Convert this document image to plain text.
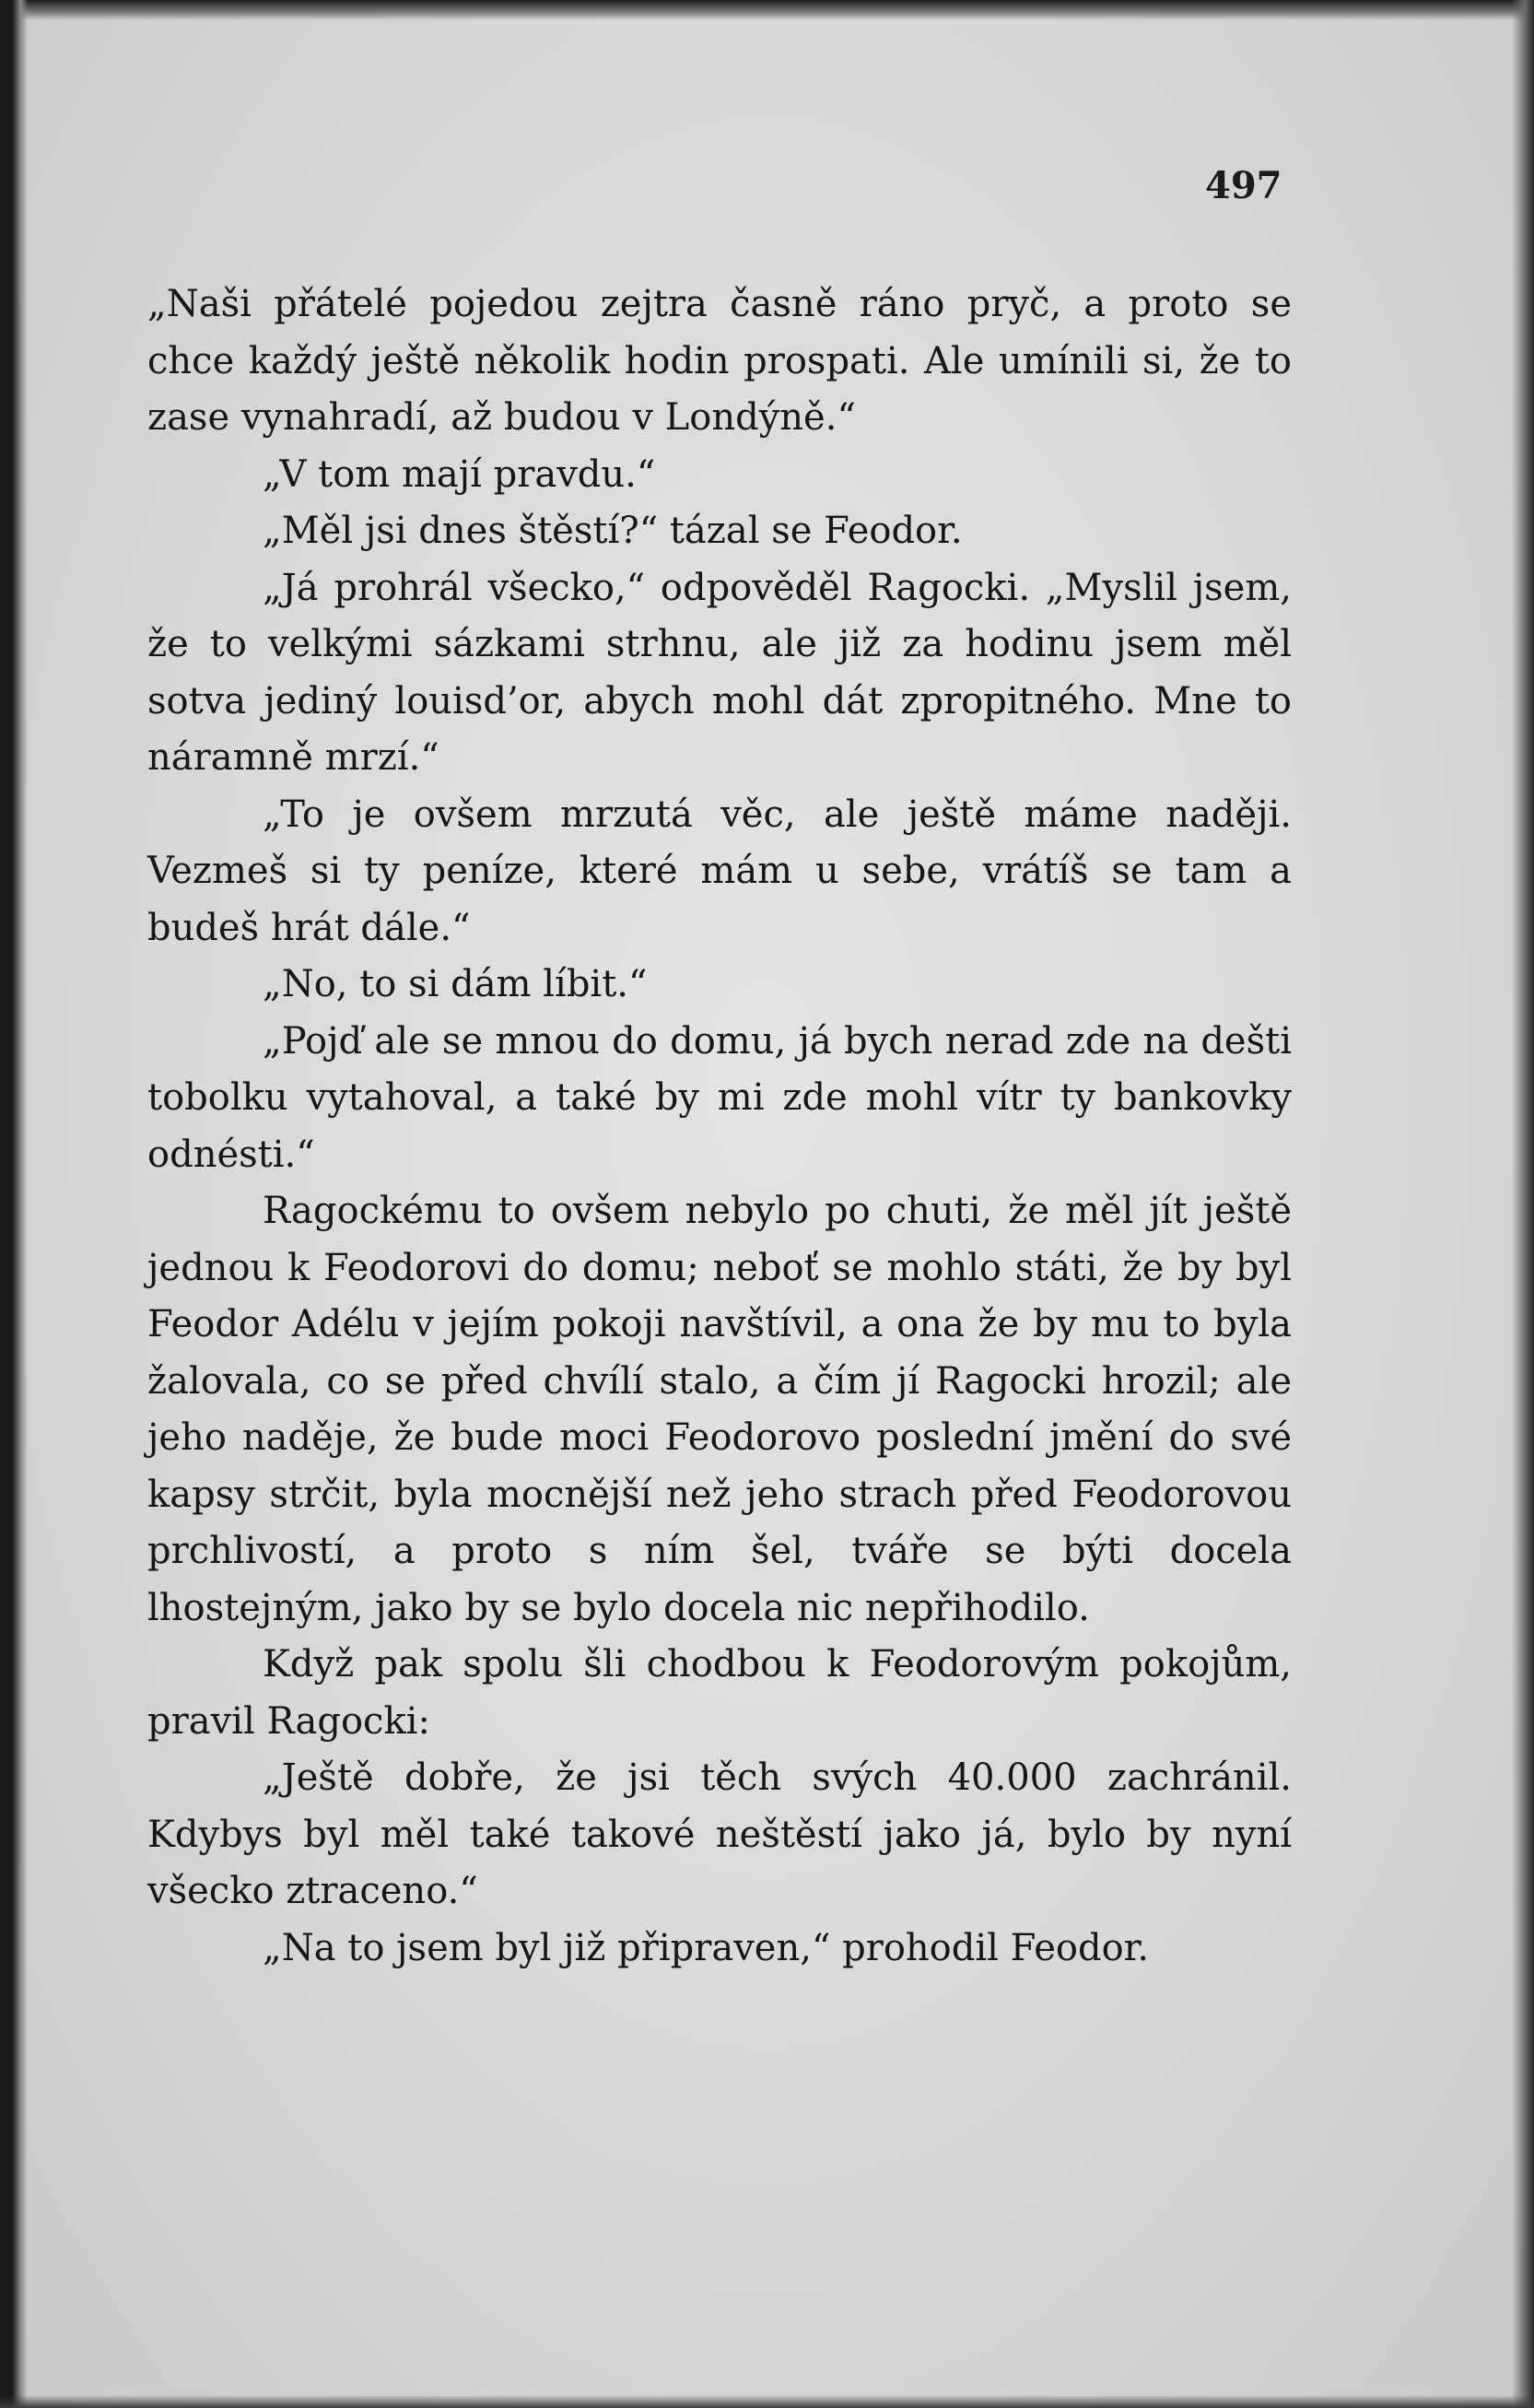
497

„Naši přátelé pojedou zejtra časně ráno pryč, a proto se chce každý ještě několik hodin prospati. Ale umínili si, že to zase vynahradí, až budou v Londýně.“

„V tom mají pravdu.“

„Měl jsi dnes štěstí?“ tázal se Feodor.

„Já prohrál všecko,“ odpověděl Ragocki. „Myslil jsem, že to velkými sázkami strhnu, ale již za hodinu jsem měl sotva jediný louisd’or, abych mohl dát zpropitného. Mne to náramně mrzí.“

„To je ovšem mrzutá věc, ale ještě máme naději. Vezmeš si ty peníze, které mám u sebe, vrátíš se tam a budeš hrát dále.“

„No, to si dám líbit.“

„Pojď ale se mnou do domu, já bych nerad zde na dešti tobolku vytahoval, a také by mi zde mohl vítr ty bankovky odnésti.“

Ragockému to ovšem nebylo po chuti, že měl jít ještě jednou k Feodorovi do domu; neboť se mohlo státi, že by byl Feodor Adélu v jejím pokoji navštívil, a ona že by mu to byla žalovala, co se před chvílí stalo, a čím jí Ragocki hrozil; ale jeho naděje, že bude moci Feodorovo poslední jmění do své kapsy strčit, byla mocnější než jeho strach před Feodorovou prchlivostí, a proto s ním šel, tváře se býti docela lhostejným, jako by se bylo docela nic nepřihodilo.

Když pak spolu šli chodbou k Feodorovým pokojům, pravil Ragocki:

„Ještě dobře, že jsi těch svých 40.000 zachránil. Kdybys byl měl také takové neštěstí jako já, bylo by nyní všecko ztraceno.“

„Na to jsem byl již připraven,“ prohodil Feodor.
